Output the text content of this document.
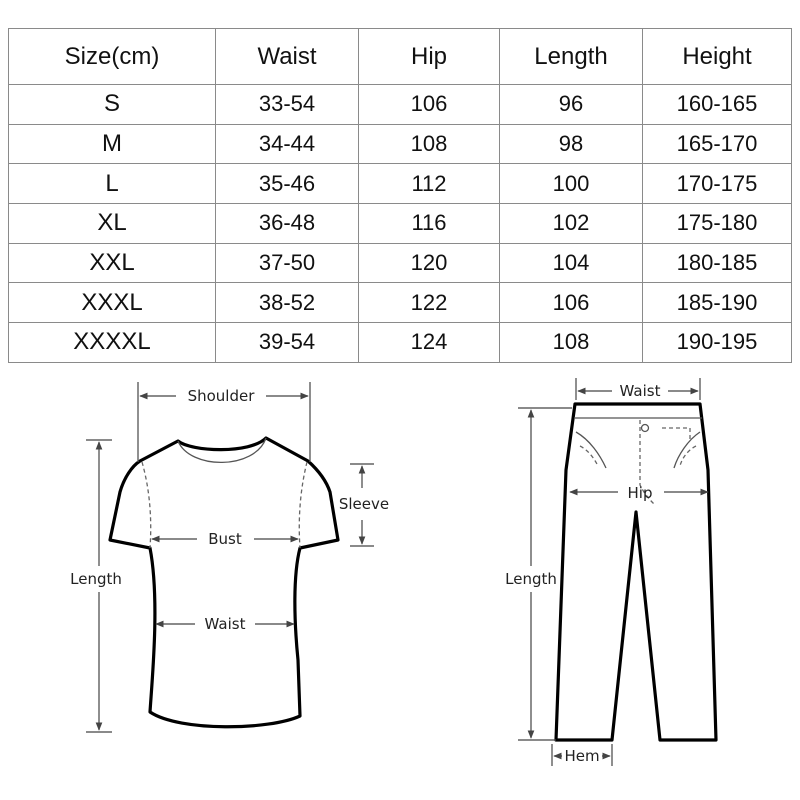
Size(cm)	Waist	Hip	Length	Height
S	33-54	106	96	160-165
M	34-44	108	98	165-170
L	35-46	112	100	170-175
XL	36-48	116	102	175-180
XXL	37-50	120	104	180-185
XXXL	38-52	122	106	185-190
XXXXL	39-54	124	108	190-195
Shoulder
Sleeve
Bust
Waist
Length
Waist
Hip
Length
Hem
